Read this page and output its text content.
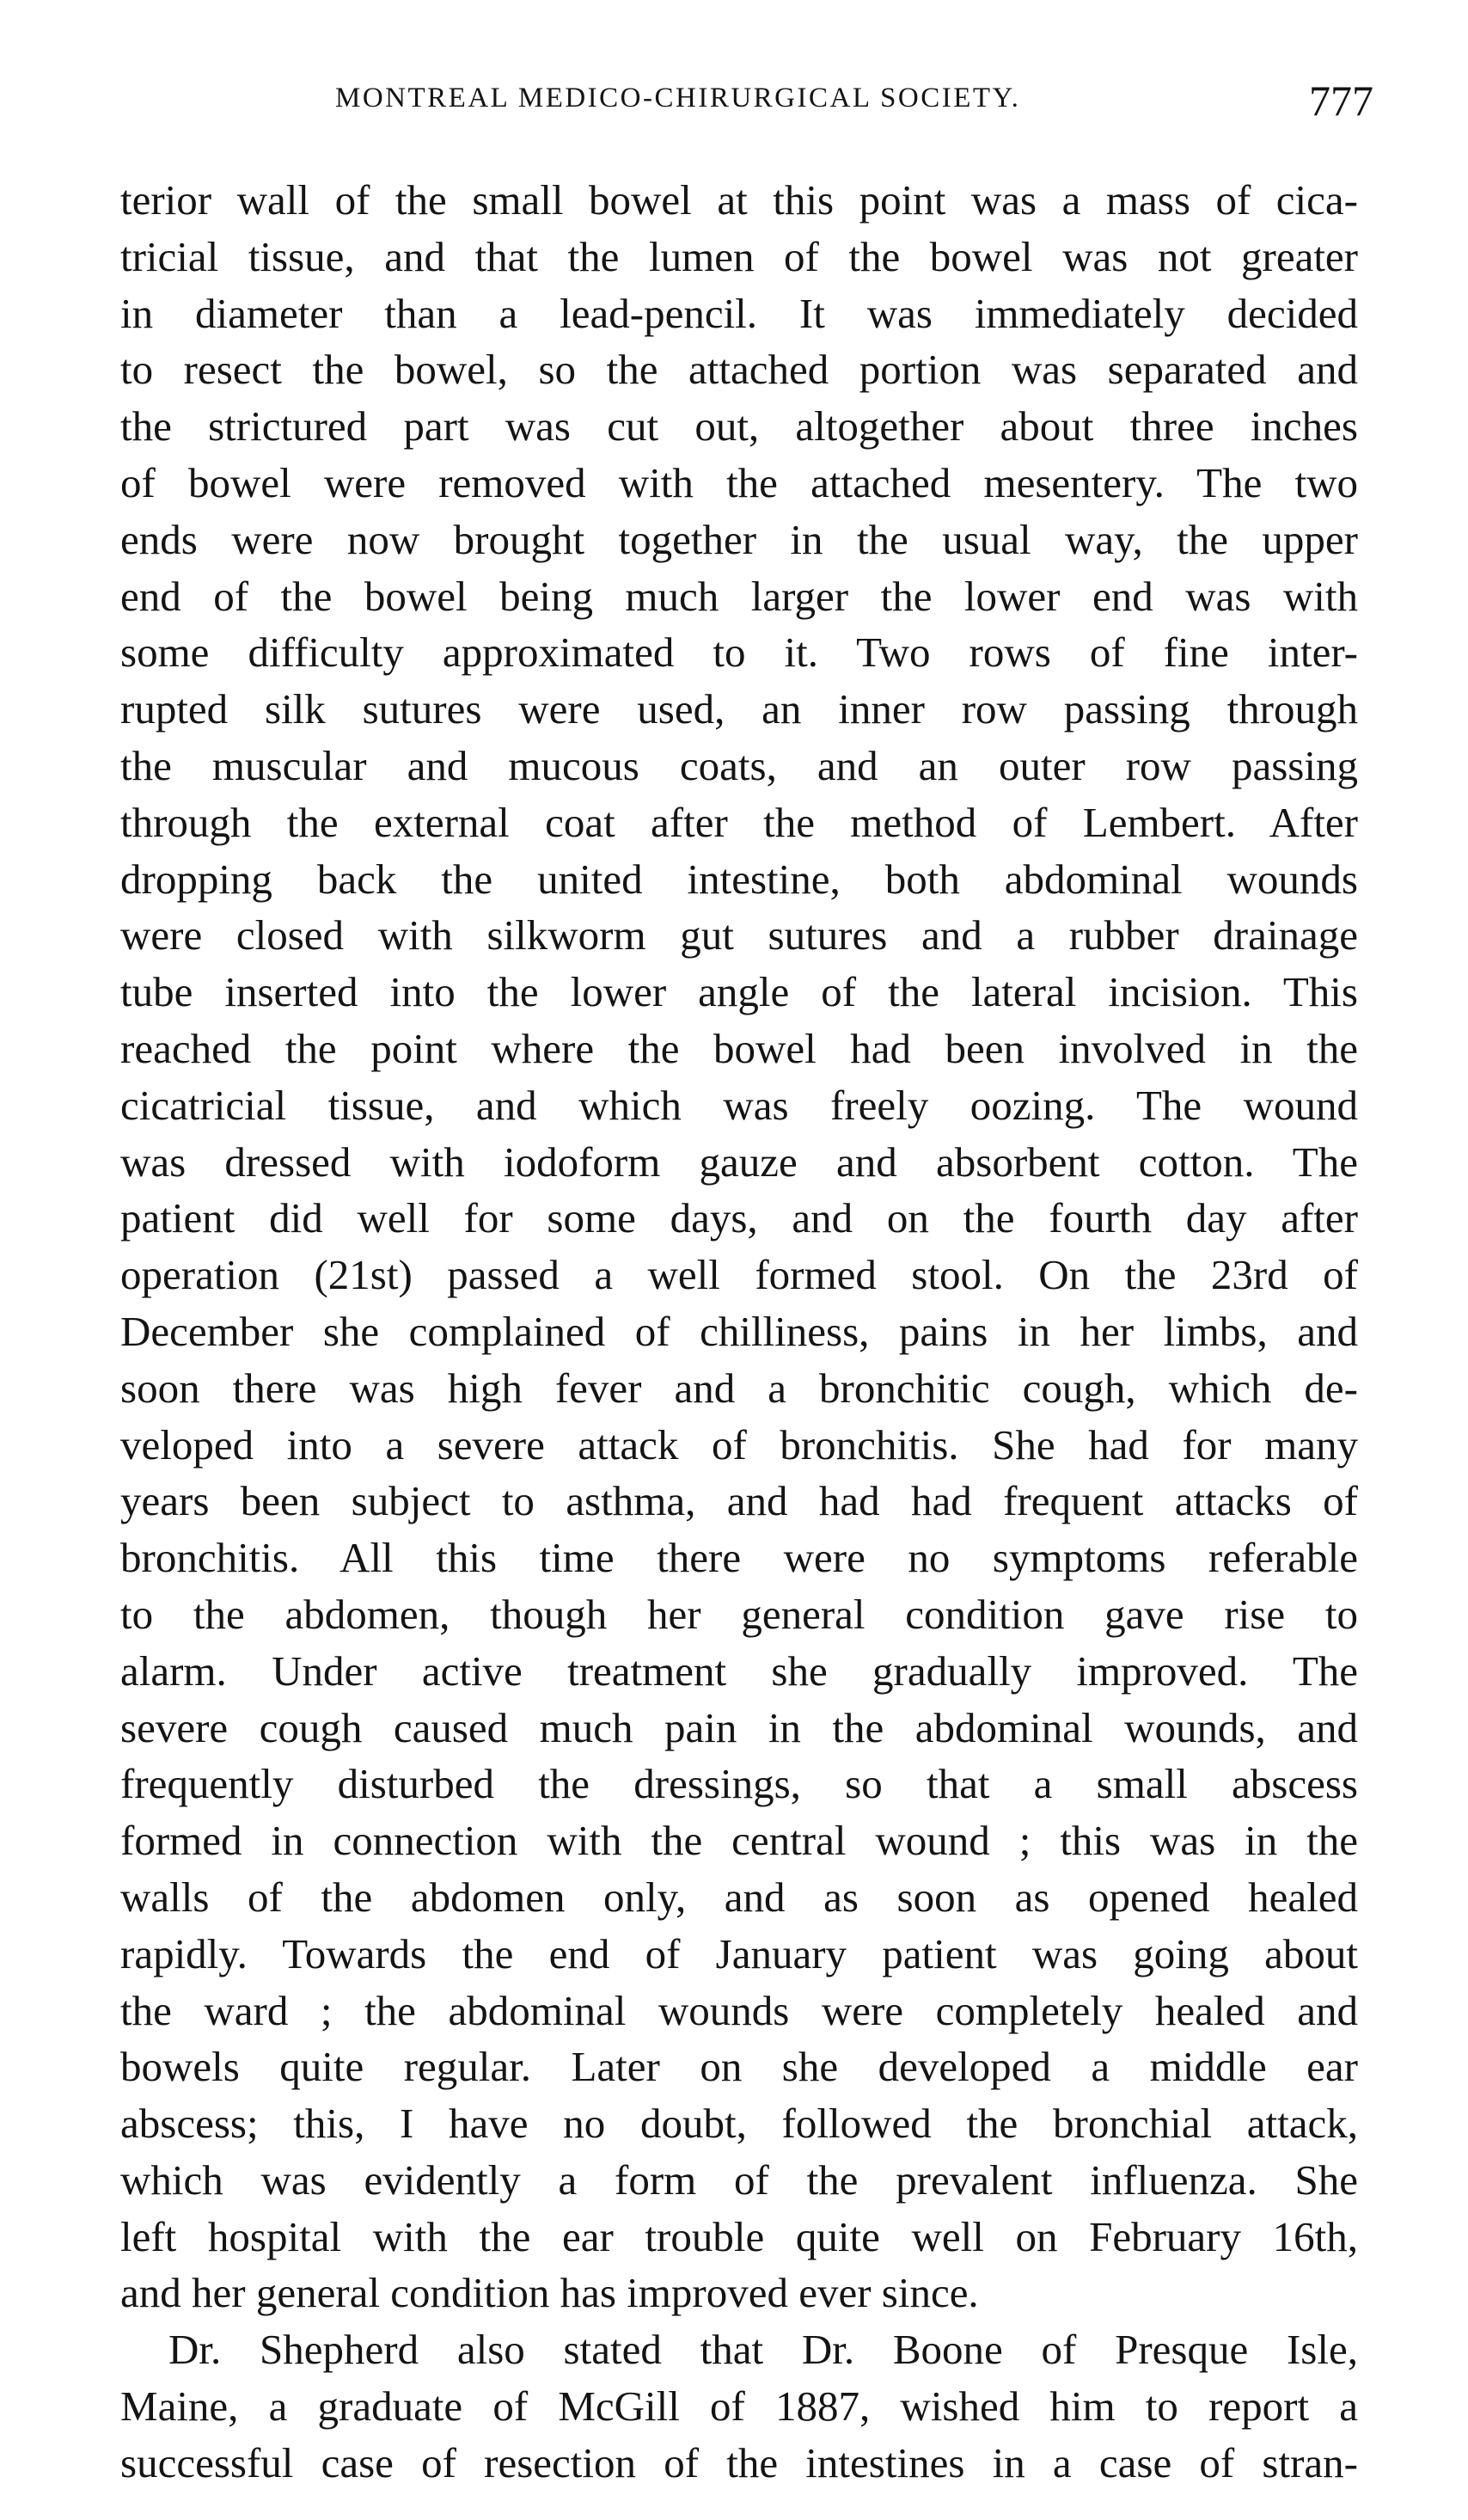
MONTREAL MEDICO-CHIRURGICAL SOCIETY.	777
terior wall of the small bowel at this point was a mass of cica-
tricial tissue, and that the lumen of the bowel was not greater
in diameter than a lead-pencil. It was immediately decided
to resect the bowel, so the attached portion was separated and
the strictured part was cut out, altogether about three inches
of bowel were removed with the attached mesentery. The two
ends were now brought together in the usual way, the upper
end of the bowel being much larger the lower end was with
some difficulty approximated to it. Two rows of fine inter-
rupted silk sutures were used, an inner row passing through
the muscular and mucous coats, and an outer row passing
through the external coat after the method of Lembert. After
dropping back the united intestine, both abdominal wounds
were closed with silkworm gut sutures and a rubber drainage
tube inserted into the lower angle of the lateral incision. This
reached the point where the bowel had been involved in the
cicatricial tissue, and which was freely oozing. The wound
was dressed with iodoform gauze and absorbent cotton. The
patient did well for some days, and on the fourth day after
operation (21st) passed a well formed stool. On the 23rd of
December she complained of chilliness, pains in her limbs, and
soon there was high fever and a bronchitic cough, which de-
veloped into a severe attack of bronchitis. She had for many
years been subject to asthma, and had had frequent attacks of
bronchitis. All this time there were no symptoms referable
to the abdomen, though her general condition gave rise to
alarm. Under active treatment she gradually improved. The
severe cough caused much pain in the abdominal wounds, and
frequently disturbed the dressings, so that a small abscess
formed in connection with the central wound ; this was in the
walls of the abdomen only, and as soon as opened healed
rapidly. Towards the end of January patient was going about
the ward ; the abdominal wounds were completely healed and
bowels quite regular. Later on she developed a middle ear
abscess; this, I have no doubt, followed the bronchial attack,
which was evidently a form of the prevalent influenza. She
left hospital with the ear trouble quite well on February 16th,
and her general condition has improved ever since.
Dr. Shepherd also stated that Dr. Boone of Presque Isle,
Maine, a graduate of McGill of 1887, wished him to report a
successful case of resection of the intestines in a case of stran-
